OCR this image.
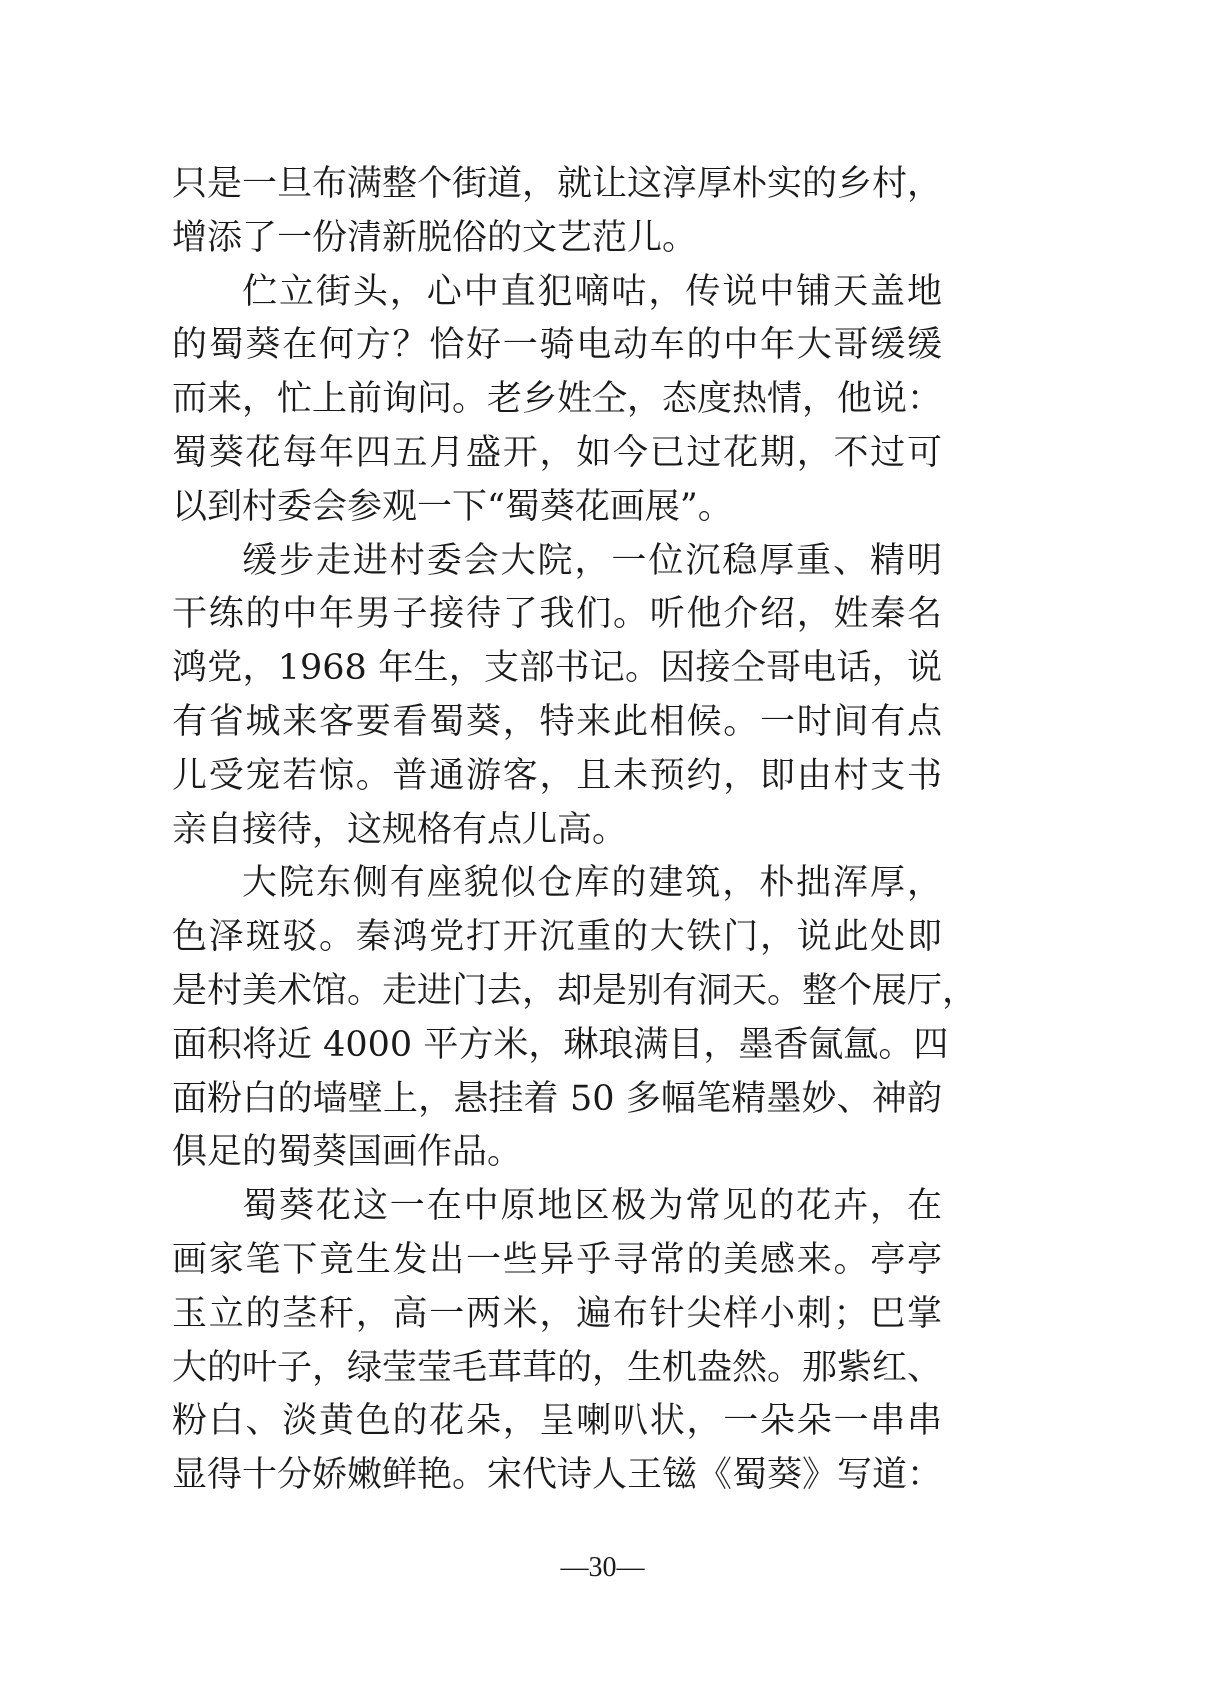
只是一旦布满整个街道，就让这淳厚朴实的乡村，
增添了一份清新脱俗的文艺范儿。
伫立街头，心中直犯嘀咕，传说中铺天盖地
的蜀葵在何方？恰好一骑电动车的中年大哥缓缓
而来，忙上前询问。老乡姓仝，态度热情，他说：
蜀葵花每年四五月盛开，如今已过花期，不过可
以到村委会参观一下“蜀葵花画展”。
缓步走进村委会大院，一位沉稳厚重、精明
干练的中年男子接待了我们。听他介绍，姓秦名
鸿党，1968 年生，支部书记。因接仝哥电话，说
有省城来客要看蜀葵，特来此相候。一时间有点
儿受宠若惊。普通游客，且未预约，即由村支书
亲自接待，这规格有点儿高。
大院东侧有座貌似仓库的建筑，朴拙浑厚，
色泽斑驳。秦鸿党打开沉重的大铁门，说此处即
是村美术馆。走进门去，却是别有洞天。整个展厅，
面积将近 4000 平方米，琳琅满目，墨香氤氲。四
面粉白的墙壁上，悬挂着 50 多幅笔精墨妙、神韵
俱足的蜀葵国画作品。
蜀葵花这一在中原地区极为常见的花卉，在
画家笔下竟生发出一些异乎寻常的美感来。亭亭
玉立的茎秆，高一两米，遍布针尖样小刺；巴掌
大的叶子，绿莹莹毛茸茸的，生机盎然。那紫红、
粉白、淡黄色的花朵，呈喇叭状，一朵朵一串串
显得十分娇嫩鲜艳。宋代诗人王镃《蜀葵》写道：
—30—
